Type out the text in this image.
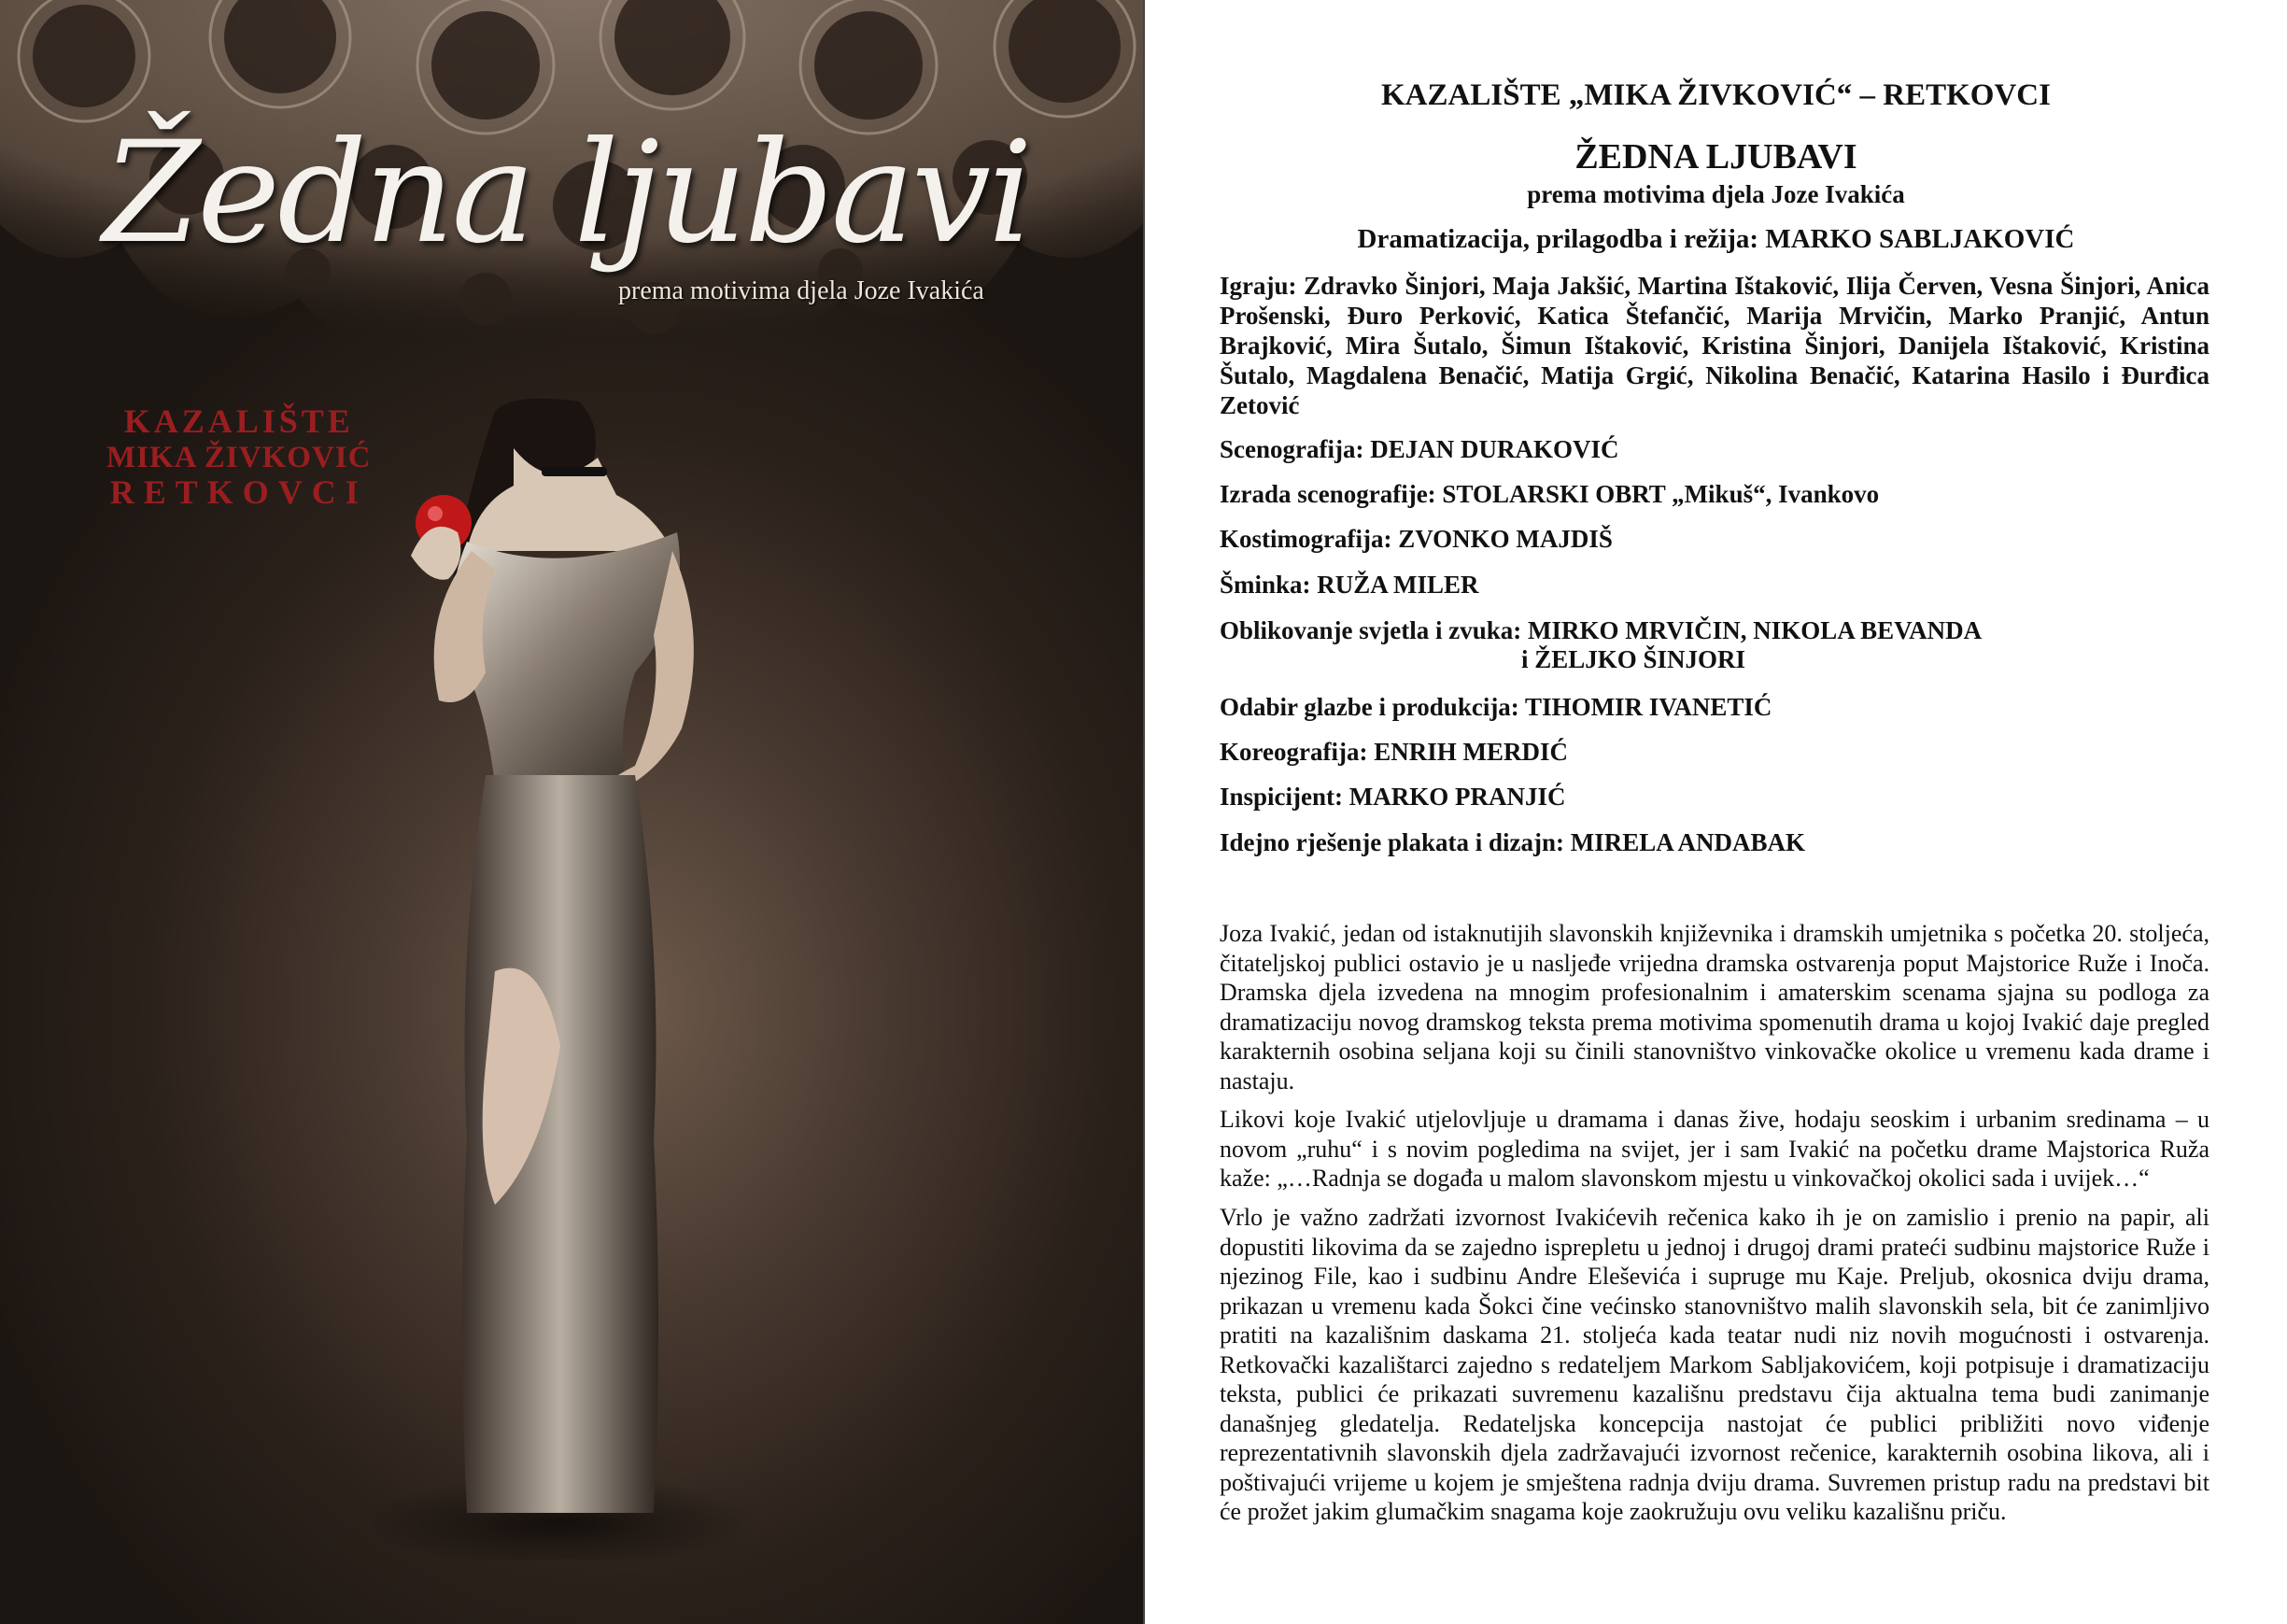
Žedna ljubavi
prema motivima djela Joze Ivakića
KAZALIŠTE
MIKA ŽIVKOVIĆ
RETKOVCI
KAZALIŠTE „MIKA ŽIVKOVIĆ“ – RETKOVCI
ŽEDNA LJUBAVI
prema motivima djela Joze Ivakića
Dramatizacija, prilagodba i režija: MARKO SABLJAKOVIĆ
Igraju: Zdravko Šinjori, Maja Jakšić, Martina Ištaković, Ilija Červen, Vesna Šinjori, Anica Prošenski, Đuro Perković, Katica Štefančić, Marija Mrvičin, Marko Pranjić, Antun Brajković, Mira Šutalo, Šimun Ištaković, Kristina Šinjori, Danijela Ištaković, Kristina Šutalo, Magdalena Benačić, Matija Grgić, Nikolina Benačić, Katarina Hasilo i Đurđica Zetović
Scenografija: DEJAN DURAKOVIĆ
Izrada scenografije: STOLARSKI OBRT „Mikuš“, Ivankovo
Kostimografija: ZVONKO MAJDIŠ
Šminka: RUŽA MILER
Oblikovanje svjetla i zvuka: MIRKO MRVIČIN, NIKOLA BEVANDA
i ŽELJKO ŠINJORI
Odabir glazbe i produkcija: TIHOMIR IVANETIĆ
Koreografija: ENRIH MERDIĆ
Inspicijent: MARKO PRANJIĆ
Idejno rješenje plakata i dizajn: MIRELA ANDABAK
Joza Ivakić, jedan od istaknutijih slavonskih književnika i dramskih umjetnika s početka 20. stoljeća, čitateljskoj publici ostavio je u nasljeđe vrijedna dramska ostvarenja poput Majstorice Ruže i Inoča. Dramska djela izvedena na mnogim profesionalnim i amaterskim scenama sjajna su podloga za dramatizaciju novog dramskog teksta prema motivima spomenutih drama u kojoj Ivakić daje pregled karakternih osobina seljana koji su činili stanovništvo vinkovačke okolice u vremenu kada drame i nastaju.
Likovi koje Ivakić utjelovljuje u dramama i danas žive, hodaju seoskim i urbanim sredinama – u novom „ruhu“ i s novim pogledima na svijet, jer i sam Ivakić na početku drame Majstorica Ruža kaže: „…Radnja se događa u malom slavonskom mjestu u vinkovačkoj okolici sada i uvijek…“
Vrlo je važno zadržati izvornost Ivakićevih rečenica kako ih je on zamislio i prenio na papir, ali dopustiti likovima da se zajedno isprepletu u jednoj i drugoj drami prateći sudbinu majstorice Ruže i njezinog File, kao i sudbinu Andre Eleševića i supruge mu Kaje. Preljub, okosnica dviju drama, prikazan u vremenu kada Šokci čine većinsko stanovništvo malih slavonskih sela, bit će zanimljivo pratiti na kazališnim daskama 21. stoljeća kada teatar nudi niz novih mogućnosti i ostvarenja. Retkovački kazalištarci zajedno s redateljem Markom Sabljakovićem, koji potpisuje i dramatizaciju teksta, publici će prikazati suvremenu kazališnu predstavu čija aktualna tema budi zanimanje današnjeg gledatelja. Redateljska koncepcija nastojat će publici približiti novo viđenje reprezentativnih slavonskih djela zadržavajući izvornost rečenice, karakternih osobina likova, ali i poštivajući vrijeme u kojem je smještena radnja dviju drama. Suvremen pristup radu na predstavi bit će prožet jakim glumačkim snagama koje zaokružuju ovu veliku kazališnu priču.
